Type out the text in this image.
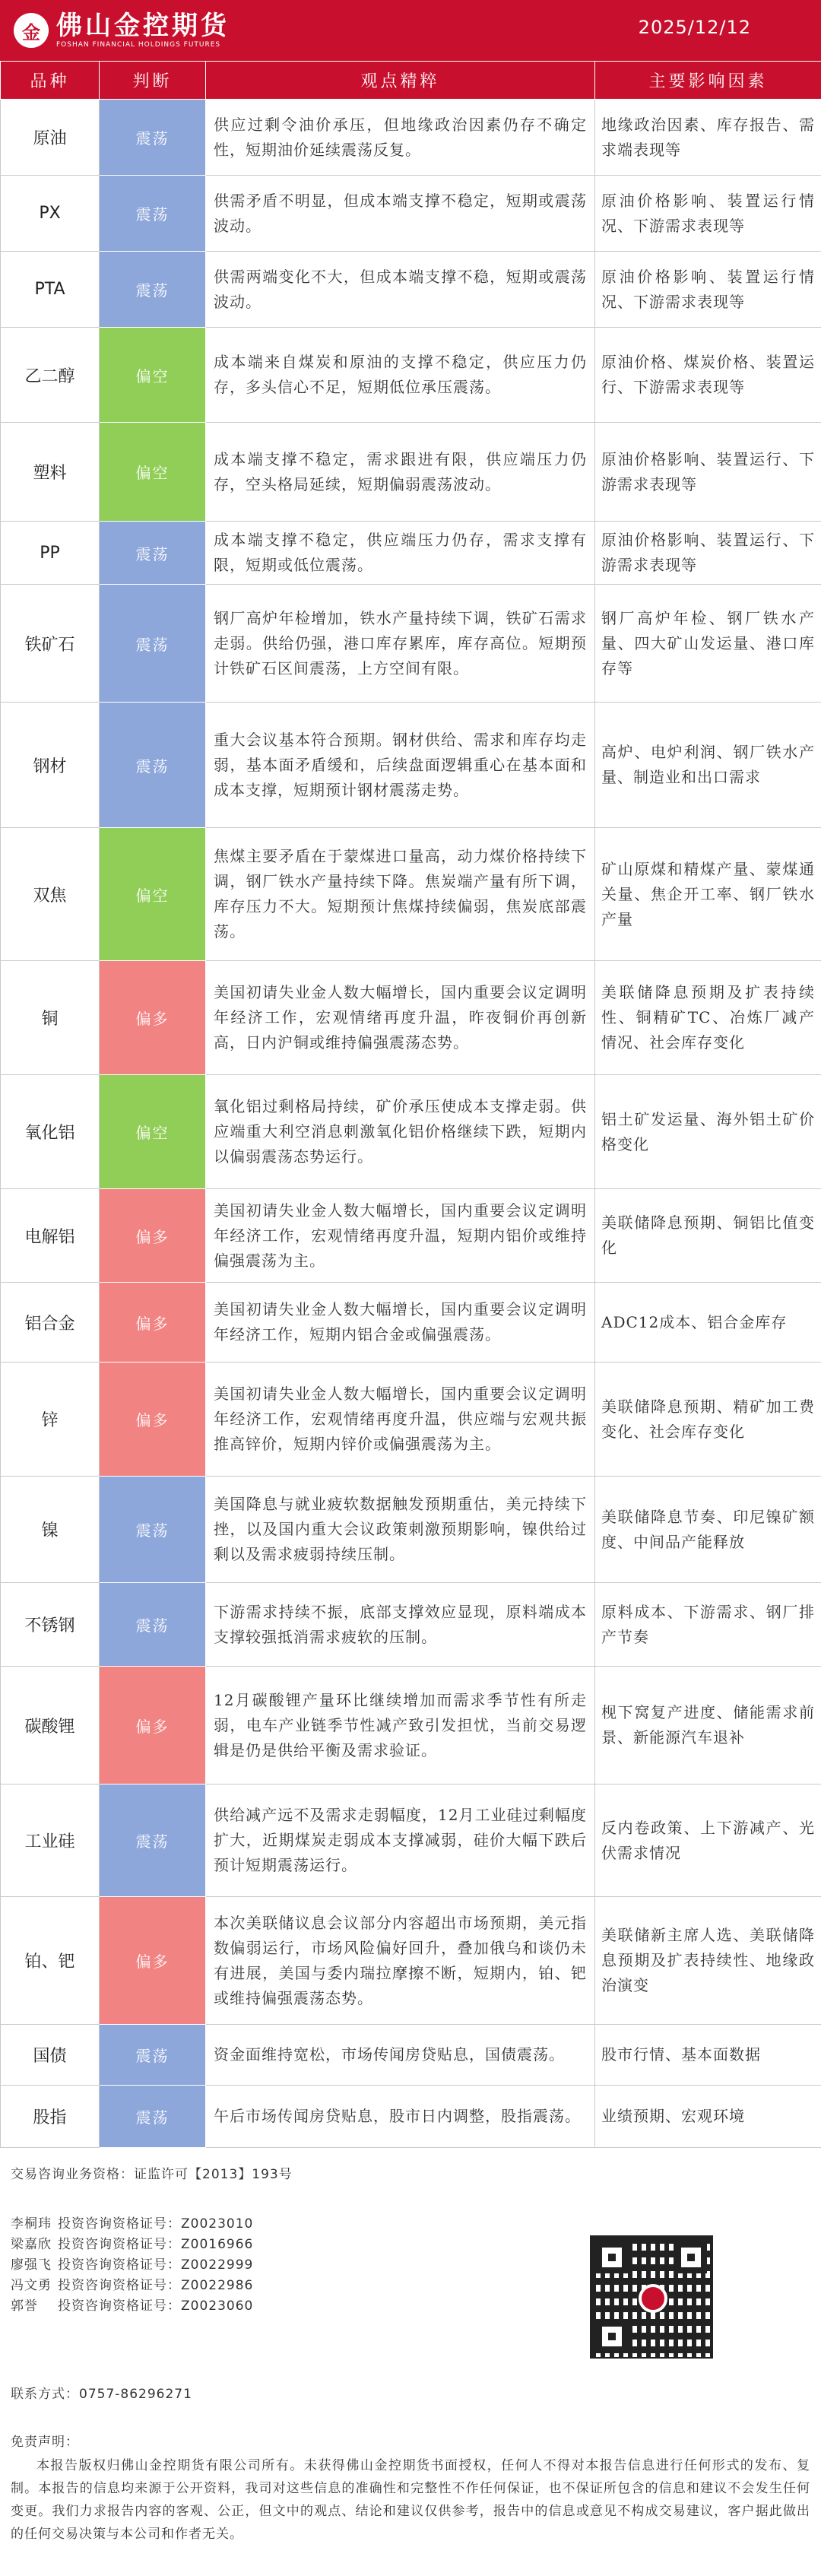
金 佛山金控期货
FOSHAN FINANCIAL HOLDINGS FUTURES
2025/12/12
品种	判断	观点精粹	主要影响因素
原油	震荡	供应过剩令油价承压，但地缘政治因素仍存不确定性，短期油价延续震荡反复。	地缘政治因素、库存报告、需求端表现等
PX	震荡	供需矛盾不明显，但成本端支撑不稳定，短期或震荡波动。	原油价格影响、装置运行情况、下游需求表现等
PTA	震荡	供需两端变化不大，但成本端支撑不稳，短期或震荡波动。	原油价格影响、装置运行情况、下游需求表现等
乙二醇	偏空	成本端来自煤炭和原油的支撑不稳定，供应压力仍存，多头信心不足，短期低位承压震荡。	原油价格、煤炭价格、装置运行、下游需求表现等
塑料	偏空	成本端支撑不稳定，需求跟进有限，供应端压力仍存，空头格局延续，短期偏弱震荡波动。	原油价格影响、装置运行、下游需求表现等
PP	震荡	成本端支撑不稳定，供应端压力仍存，需求支撑有限，短期或低位震荡。	原油价格影响、装置运行、下游需求表现等
铁矿石	震荡	钢厂高炉年检增加，铁水产量持续下调，铁矿石需求走弱。供给仍强，港口库存累库，库存高位。短期预计铁矿石区间震荡，上方空间有限。	钢厂高炉年检、钢厂铁水产量、四大矿山发运量、港口库存等
钢材	震荡	重大会议基本符合预期。钢材供给、需求和库存均走弱，基本面矛盾缓和，后续盘面逻辑重心在基本面和成本支撑，短期预计钢材震荡走势。	高炉、电炉利润、钢厂铁水产量、制造业和出口需求
双焦	偏空	焦煤主要矛盾在于蒙煤进口量高，动力煤价格持续下调，钢厂铁水产量持续下降。焦炭端产量有所下调，库存压力不大。短期预计焦煤持续偏弱，焦炭底部震荡。	矿山原煤和精煤产量、蒙煤通关量、焦企开工率、钢厂铁水产量
铜	偏多	美国初请失业金人数大幅增长，国内重要会议定调明年经济工作，宏观情绪再度升温，昨夜铜价再创新高，日内沪铜或维持偏强震荡态势。	美联储降息预期及扩表持续性、铜精矿TC、冶炼厂减产情况、社会库存变化
氧化铝	偏空	氧化铝过剩格局持续，矿价承压使成本支撑走弱。供应端重大利空消息刺激氧化铝价格继续下跌，短期内以偏弱震荡态势运行。	铝土矿发运量、海外铝土矿价格变化
电解铝	偏多	美国初请失业金人数大幅增长，国内重要会议定调明年经济工作，宏观情绪再度升温，短期内铝价或维持偏强震荡为主。	美联储降息预期、铜铝比值变化
铝合金	偏多	美国初请失业金人数大幅增长，国内重要会议定调明年经济工作，短期内铝合金或偏强震荡。	ADC12成本、铝合金库存
锌	偏多	美国初请失业金人数大幅增长，国内重要会议定调明年经济工作，宏观情绪再度升温，供应端与宏观共振推高锌价，短期内锌价或偏强震荡为主。	美联储降息预期、精矿加工费变化、社会库存变化
镍	震荡	美国降息与就业疲软数据触发预期重估，美元持续下挫，以及国内重大会议政策刺激预期影响，镍供给过剩以及需求疲弱持续压制。	美联储降息节奏、印尼镍矿额度、中间品产能释放
不锈钢	震荡	下游需求持续不振，底部支撑效应显现，原料端成本支撑较强抵消需求疲软的压制。	原料成本、下游需求、钢厂排产节奏
碳酸锂	偏多	12月碳酸锂产量环比继续增加而需求季节性有所走弱，电车产业链季节性减产致引发担忧，当前交易逻辑是仍是供给平衡及需求验证。	枧下窝复产进度、储能需求前景、新能源汽车退补
工业硅	震荡	供给减产远不及需求走弱幅度，12月工业硅过剩幅度扩大，近期煤炭走弱成本支撑减弱，硅价大幅下跌后预计短期震荡运行。	反内卷政策、上下游减产、光伏需求情况
铂、钯	偏多	本次美联储议息会议部分内容超出市场预期，美元指数偏弱运行，市场风险偏好回升，叠加俄乌和谈仍未有进展，美国与委内瑞拉摩擦不断，短期内，铂、钯或维持偏强震荡态势。	美联储新主席人选、美联储降息预期及扩表持续性、地缘政治演变
国债	震荡	资金面维持宽松，市场传闻房贷贴息，国债震荡。	股市行情、基本面数据
股指	震荡	午后市场传闻房贷贴息，股市日内调整，股指震荡。	业绩预期、宏观环境
交易咨询业务资格：证监许可【2013】193号
李桐玮 投资咨询资格证号：Z0023010
梁嘉欣 投资咨询资格证号：Z0016966
廖强飞 投资咨询资格证号：Z0022999
冯文勇 投资咨询资格证号：Z0022986
郭誉 投资咨询资格证号：Z0023060
联系方式：0757-86296271
免责声明：
本报告版权归佛山金控期货有限公司所有。未获得佛山金控期货书面授权，任何人不得对本报告信息进行任何形式的发布、复制。本报告的信息均来源于公开资料，我司对这些信息的准确性和完整性不作任何保证，也不保证所包含的信息和建议不会发生任何变更。我们力求报告内容的客观、公正，但文中的观点、结论和建议仅供参考，报告中的信息或意见不构成交易建议，客户据此做出的任何交易决策与本公司和作者无关。
